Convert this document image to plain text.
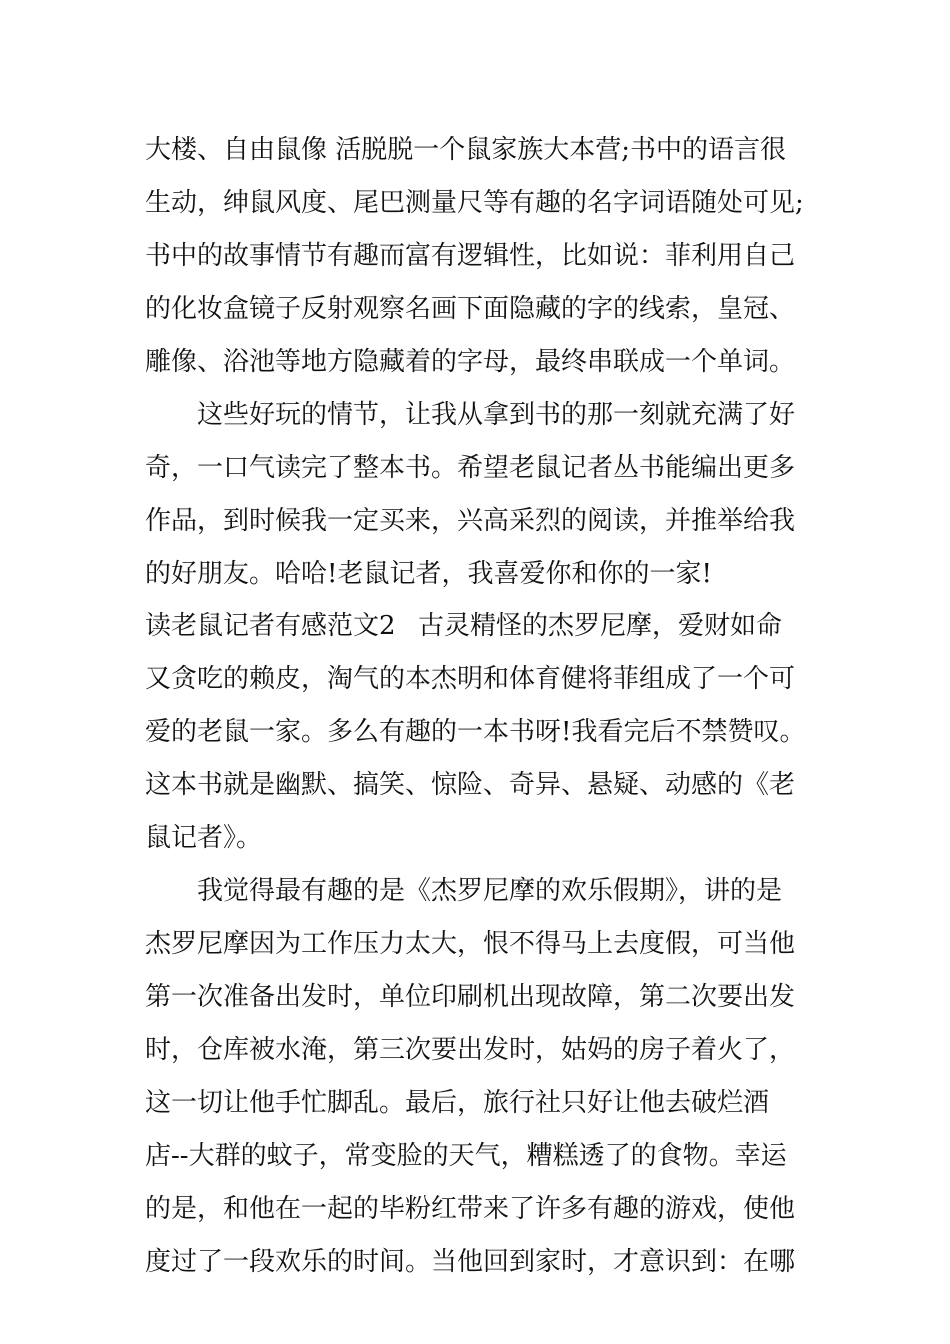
大楼、自由鼠像 活脱脱一个鼠家族大本营;书中的语言很
生动，绅鼠风度、尾巴测量尺等有趣的名字词语随处可见;
书中的故事情节有趣而富有逻辑性，比如说：菲利用自己
的化妆盒镜子反射观察名画下面隐藏的字的线索，皇冠、
雕像、浴池等地方隐藏着的字母，最终串联成一个单词。
这些好玩的情节，让我从拿到书的那一刻就充满了好
奇，一口气读完了整本书。希望老鼠记者丛书能编出更多
作品，到时候我一定买来，兴高采烈的阅读，并推举给我
的好朋友。哈哈!老鼠记者，我喜爱你和你的一家!
读老鼠记者有感范文2 古灵精怪的杰罗尼摩，爱财如命
又贪吃的赖皮，淘气的本杰明和体育健将菲组成了一个可
爱的老鼠一家。多么有趣的一本书呀!我看完后不禁赞叹。
这本书就是幽默、搞笑、惊险、奇异、悬疑、动感的《老
鼠记者》。
我觉得最有趣的是《杰罗尼摩的欢乐假期》，讲的是
杰罗尼摩因为工作压力太大，恨不得马上去度假，可当他
第一次准备出发时，单位印刷机出现故障，第二次要出发
时，仓库被水淹，第三次要出发时，姑妈的房子着火了，
这一切让他手忙脚乱。最后，旅行社只好让他去破烂酒
店--大群的蚊子，常变脸的天气，糟糕透了的食物。幸运
的是，和他在一起的毕粉红带来了许多有趣的游戏，使他
度过了一段欢乐的时间。当他回到家时，才意识到：在哪
